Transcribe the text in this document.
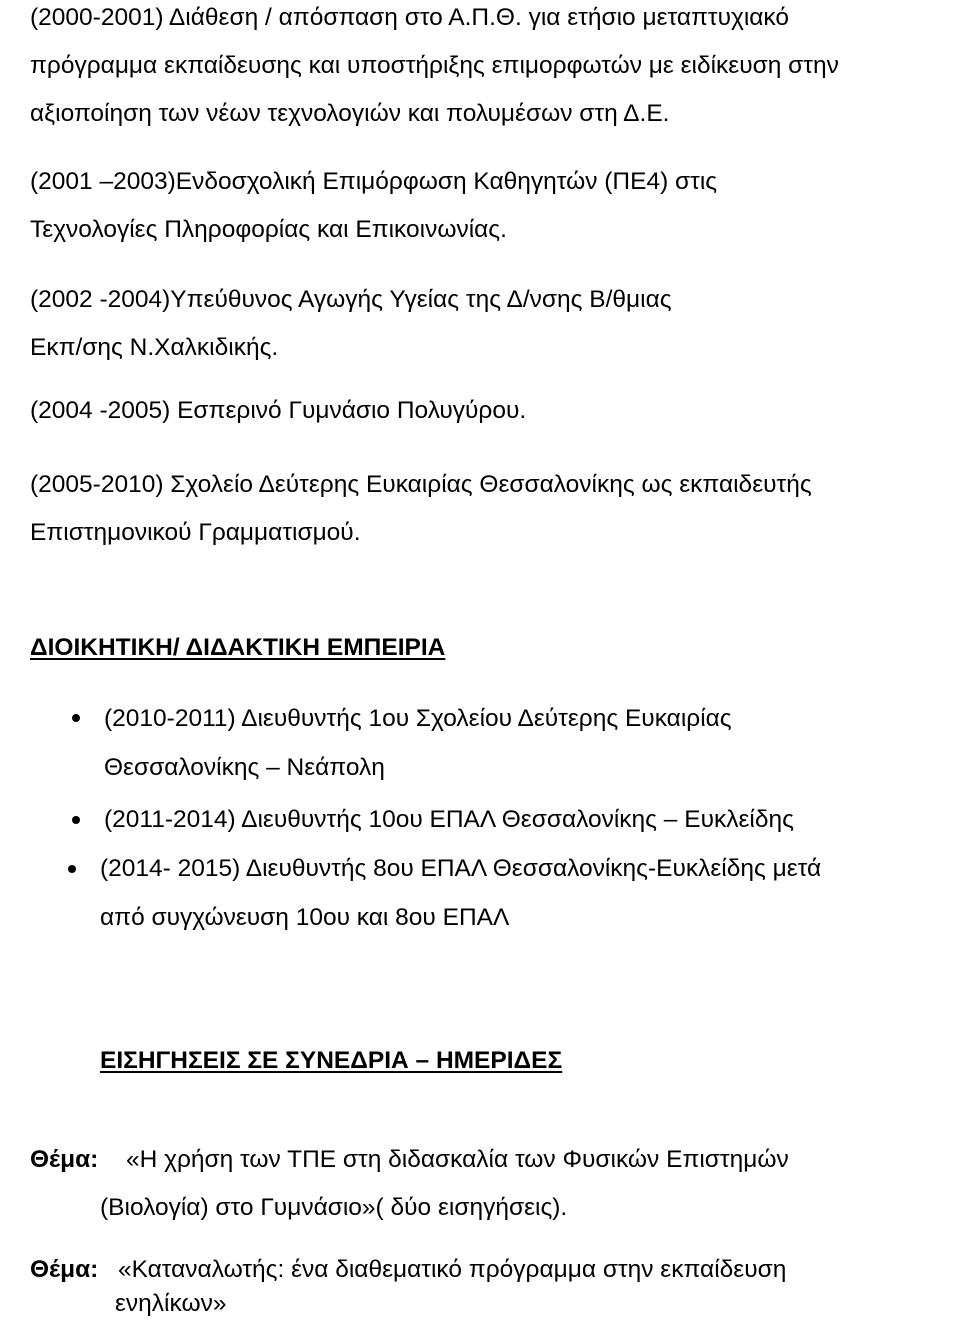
(2000-2001) Διάθεση / απόσπαση στο Α.Π.Θ. για ετήσιο μεταπτυχιακό
πρόγραμμα εκπαίδευσης και υποστήριξης επιμορφωτών με ειδίκευση στην
αξιοποίηση των νέων τεχνολογιών και πολυμέσων στη Δ.Ε.
(2001 –2003)Ενδοσχολική Επιμόρφωση Καθηγητών (ΠΕ4) στις
Τεχνολογίες Πληροφορίας και Επικοινωνίας.
(2002 -2004)Υπεύθυνος Αγωγής Υγείας της Δ/νσης Β/θμιας
Εκπ/σης Ν.Χαλκιδικής.
(2004 -2005) Εσπερινό Γυμνάσιο Πολυγύρου.
(2005-2010) Σχολείο Δεύτερης Ευκαιρίας Θεσσαλονίκης ως εκπαιδευτής
Επιστημονικού Γραμματισμού.
ΔΙΟΙΚΗΤΙΚΗ/ ΔΙΔΑΚΤΙΚΗ ΕΜΠΕΙΡΙΑ
(2010-2011) Διευθυντής 1ου Σχολείου Δεύτερης Ευκαιρίας
Θεσσαλονίκης – Νεάπολη
(2011-2014) Διευθυντής 10ου ΕΠΑΛ Θεσσαλονίκης – Ευκλείδης
(2014- 2015) Διευθυντής 8ου ΕΠΑΛ Θεσσαλονίκης-Ευκλείδης μετά
από συγχώνευση 10ου και 8ου ΕΠΑΛ
ΕΙΣΗΓΗΣΕΙΣ ΣΕ ΣΥΝΕΔΡΙΑ – ΗΜΕΡΙΔΕΣ
Θέμα: «Η χρήση των ΤΠΕ στη διδασκαλία των Φυσικών Επιστημών
(Βιολογία) στο Γυμνάσιο»( δύο εισηγήσεις).
Θέμα: «Καταναλωτής: ένα διαθεματικό πρόγραμμα στην εκπαίδευση
ενηλίκων»
